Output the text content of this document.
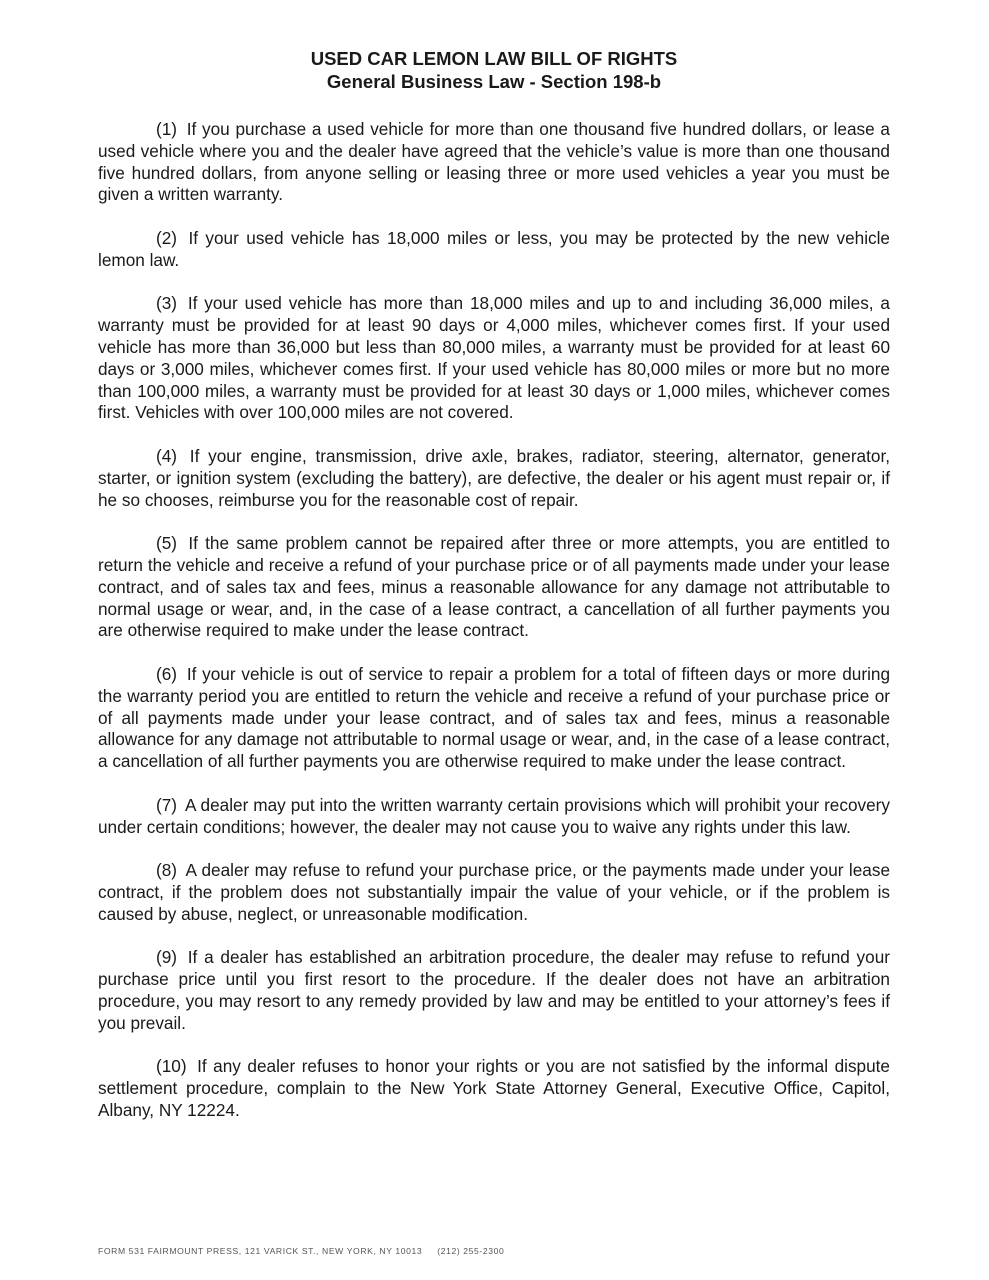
USED CAR LEMON LAW BILL OF RIGHTS
General Business Law - Section 198-b

(1) If you purchase a used vehicle for more than one thousand five hundred dollars, or lease a used vehicle where you and the dealer have agreed that the vehicle’s value is more than one thousand five hundred dollars, from anyone selling or leasing three or more used vehicles a year you must be given a written warranty.

(2) If your used vehicle has 18,000 miles or less, you may be protected by the new vehicle lemon law.

(3) If your used vehicle has more than 18,000 miles and up to and including 36,000 miles, a warranty must be provided for at least 90 days or 4,000 miles, whichever comes first. If your used vehicle has more than 36,000 but less than 80,000 miles, a warranty must be provided for at least 60 days or 3,000 miles, whichever comes first. If your used vehicle has 80,000 miles or more but no more than 100,000 miles, a warranty must be provided for at least 30 days or 1,000 miles, whichever comes first. Vehicles with over 100,000 miles are not covered.

(4) If your engine, transmission, drive axle, brakes, radiator, steering, alternator, generator, starter, or ignition system (excluding the battery), are defective, the dealer or his agent must repair or, if he so chooses, reimburse you for the reasonable cost of repair.

(5) If the same problem cannot be repaired after three or more attempts, you are entitled to return the vehicle and receive a refund of your purchase price or of all payments made under your lease contract, and of sales tax and fees, minus a reasonable allowance for any damage not attributable to normal usage or wear, and, in the case of a lease contract, a cancellation of all further payments you are otherwise required to make under the lease contract.

(6) If your vehicle is out of service to repair a problem for a total of fifteen days or more during the warranty period you are entitled to return the vehicle and receive a refund of your purchase price or of all payments made under your lease contract, and of sales tax and fees, minus a reasonable allowance for any damage not attributable to normal usage or wear, and, in the case of a lease contract, a cancellation of all further payments you are otherwise required to make under the lease contract.

(7) A dealer may put into the written warranty certain provisions which will prohibit your recovery under certain conditions; however, the dealer may not cause you to waive any rights under this law.

(8) A dealer may refuse to refund your purchase price, or the payments made under your lease contract, if the problem does not substantially impair the value of your vehicle, or if the problem is caused by abuse, neglect, or unreasonable modification.

(9) If a dealer has established an arbitration procedure, the dealer may refuse to refund your purchase price until you first resort to the procedure. If the dealer does not have an arbitration procedure, you may resort to any remedy provided by law and may be entitled to your attorney’s fees if you prevail.

(10) If any dealer refuses to honor your rights or you are not satisfied by the informal dispute settlement procedure, complain to the New York State Attorney General, Executive Office, Capitol, Albany, NY 12224.

FORM 531 FAIRMOUNT PRESS, 121 VARICK ST., NEW YORK, NY 10013     (212) 255-2300
